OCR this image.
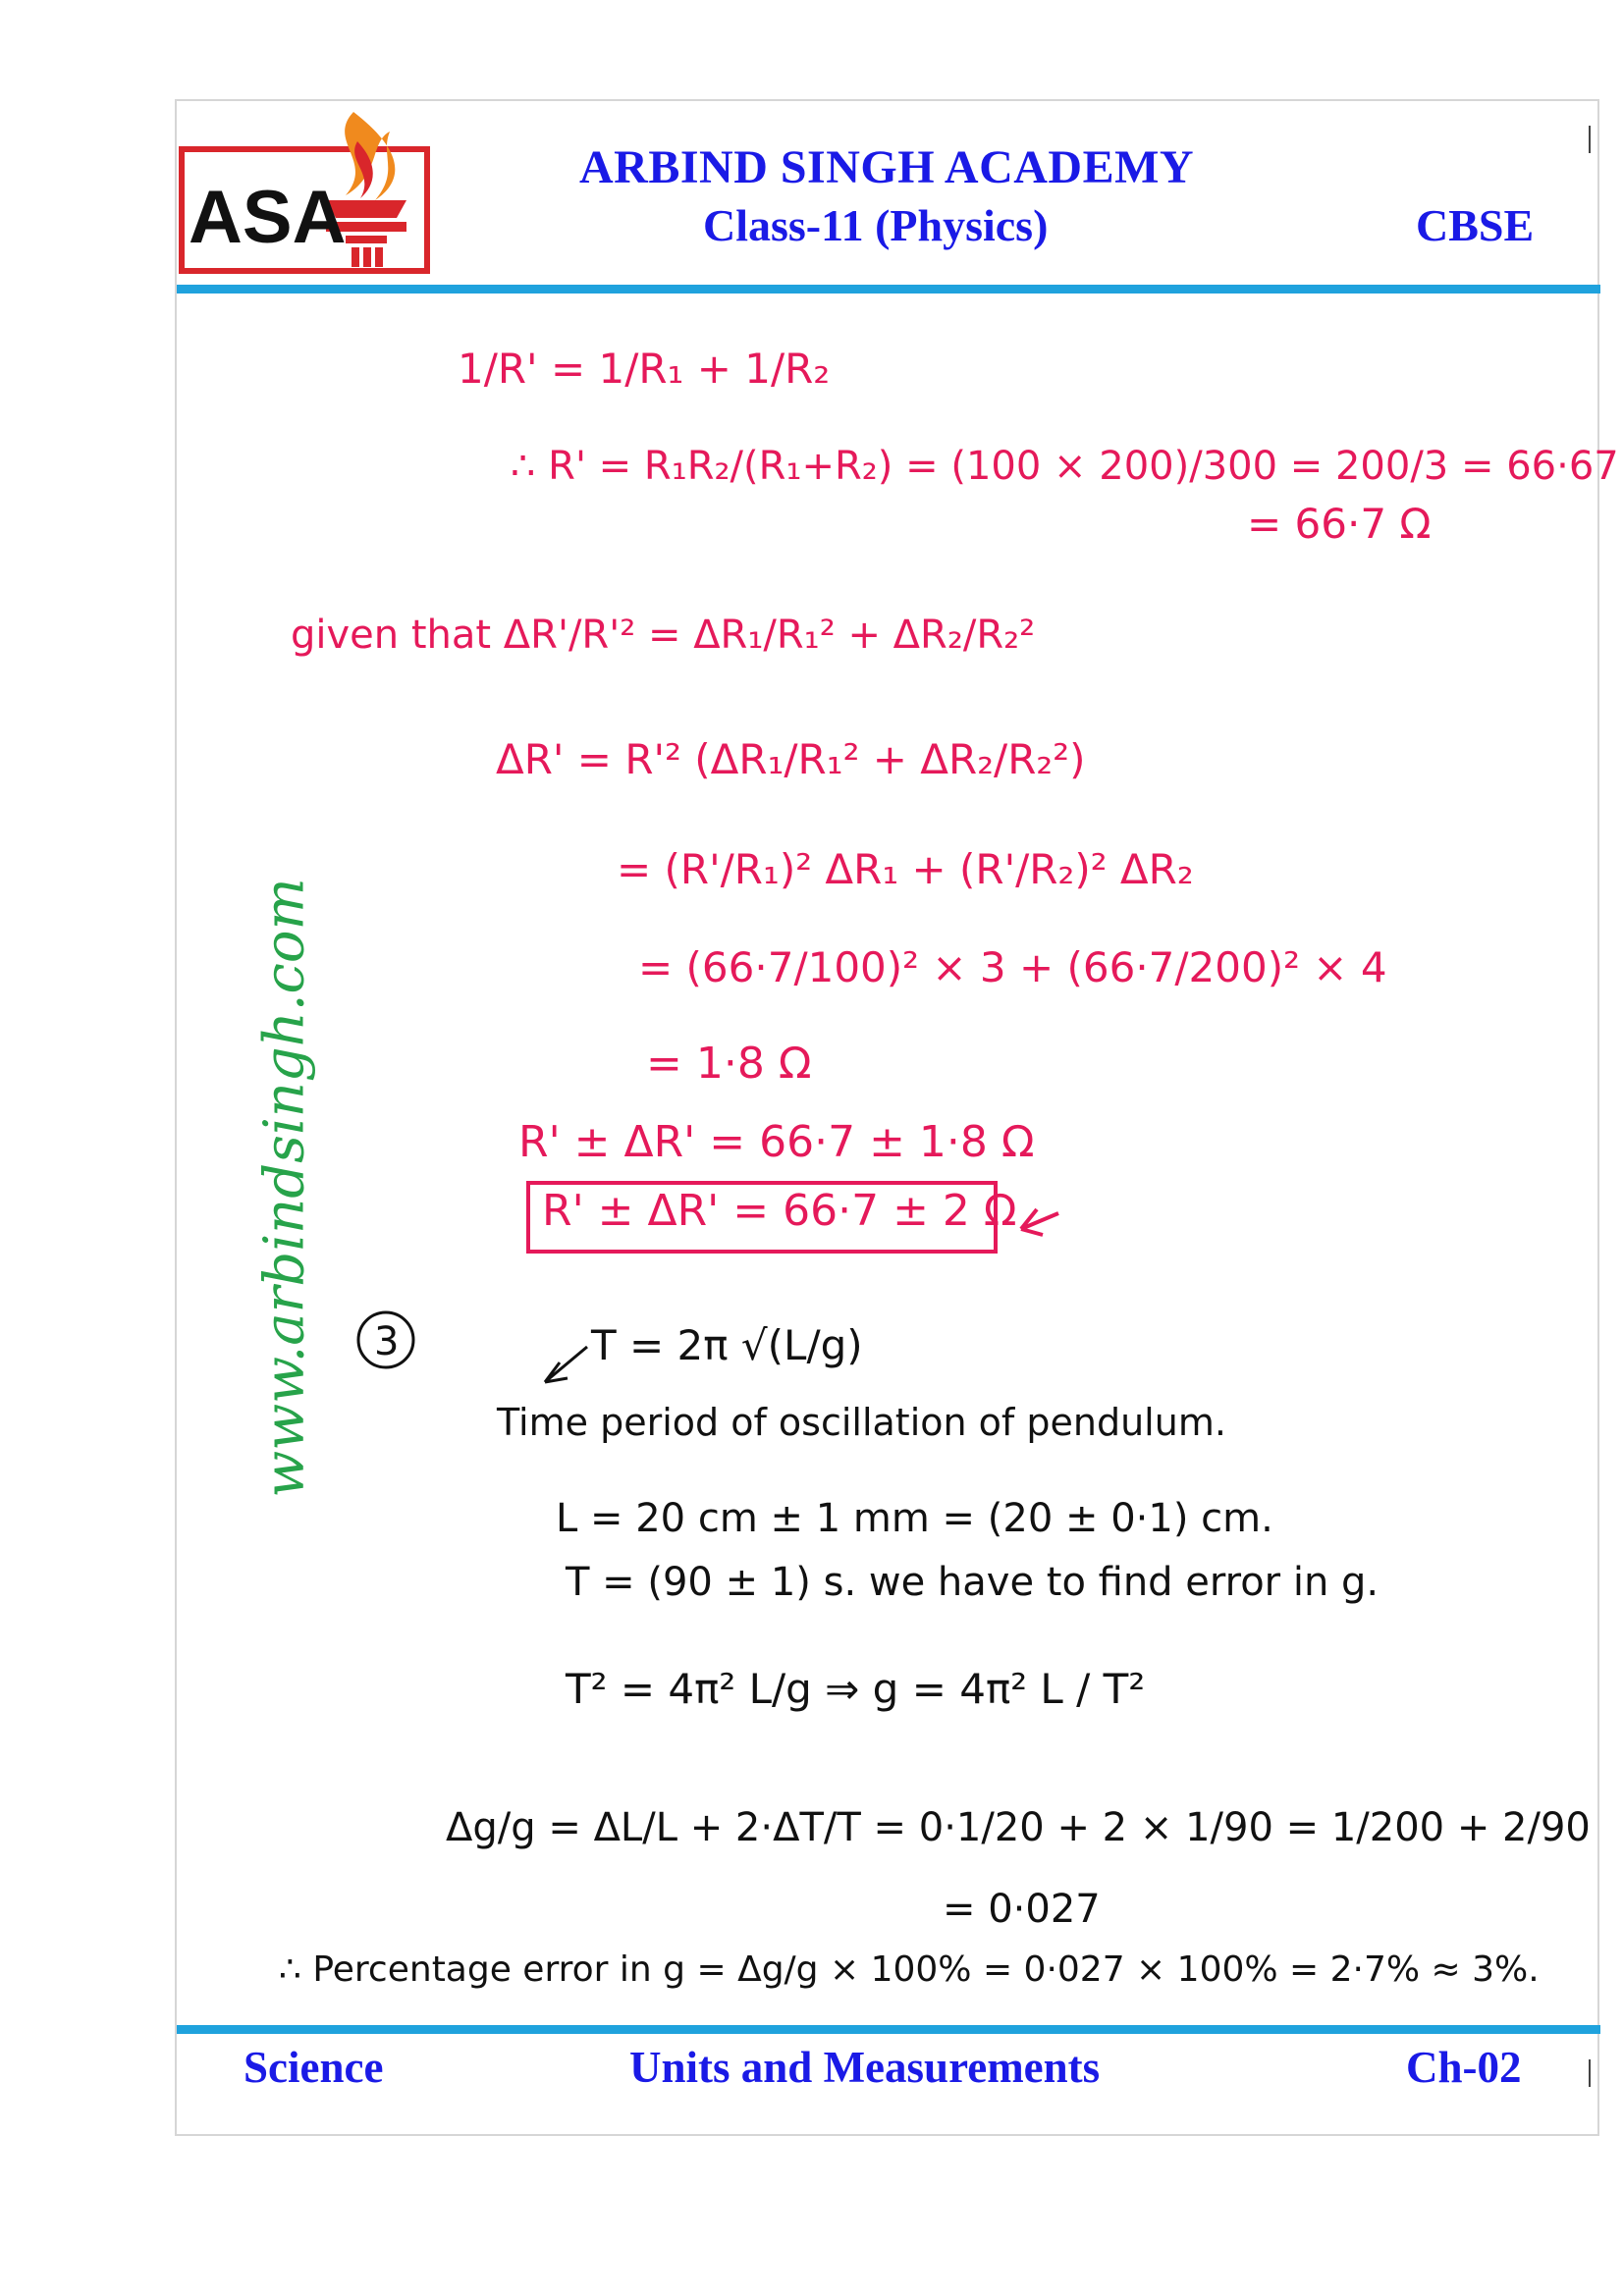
ASA
ARBIND SINGH ACADEMY
Class-11 (Physics)	CBSE
www.arbindsingh.com
1/R' = 1/R₁ + 1/R₂
∴ R' = R₁R₂/(R₁+R₂) = (100 × 200)/300 = 200/3 = 66·67
= 66·7 Ω
given that ΔR'/R'² = ΔR₁/R₁² + ΔR₂/R₂²
ΔR' = R'² (ΔR₁/R₁² + ΔR₂/R₂²)
= (R'/R₁)² ΔR₁ + (R'/R₂)² ΔR₂
= (66·7/100)² × 3 + (66·7/200)² × 4
= 1·8 Ω
R' ± ΔR' = 66·7 ± 1·8 Ω
R' ± ΔR' = 66·7 ± 2 Ω
3	T = 2π √(L/g)
Time period of oscillation of pendulum.
L = 20 cm ± 1 mm = (20 ± 0·1) cm.
T = (90 ± 1) s. we have to find error in g.
T² = 4π² L/g ⇒ g = 4π² L / T²
Δg/g = ΔL/L + 2·ΔT/T = 0·1/20 + 2 × 1/90 = 1/200 + 2/90
= 0·027
∴ Percentage error in g = Δg/g × 100% = 0·027 × 100% = 2·7% ≈ 3%.
Science	Units and Measurements	Ch-02
